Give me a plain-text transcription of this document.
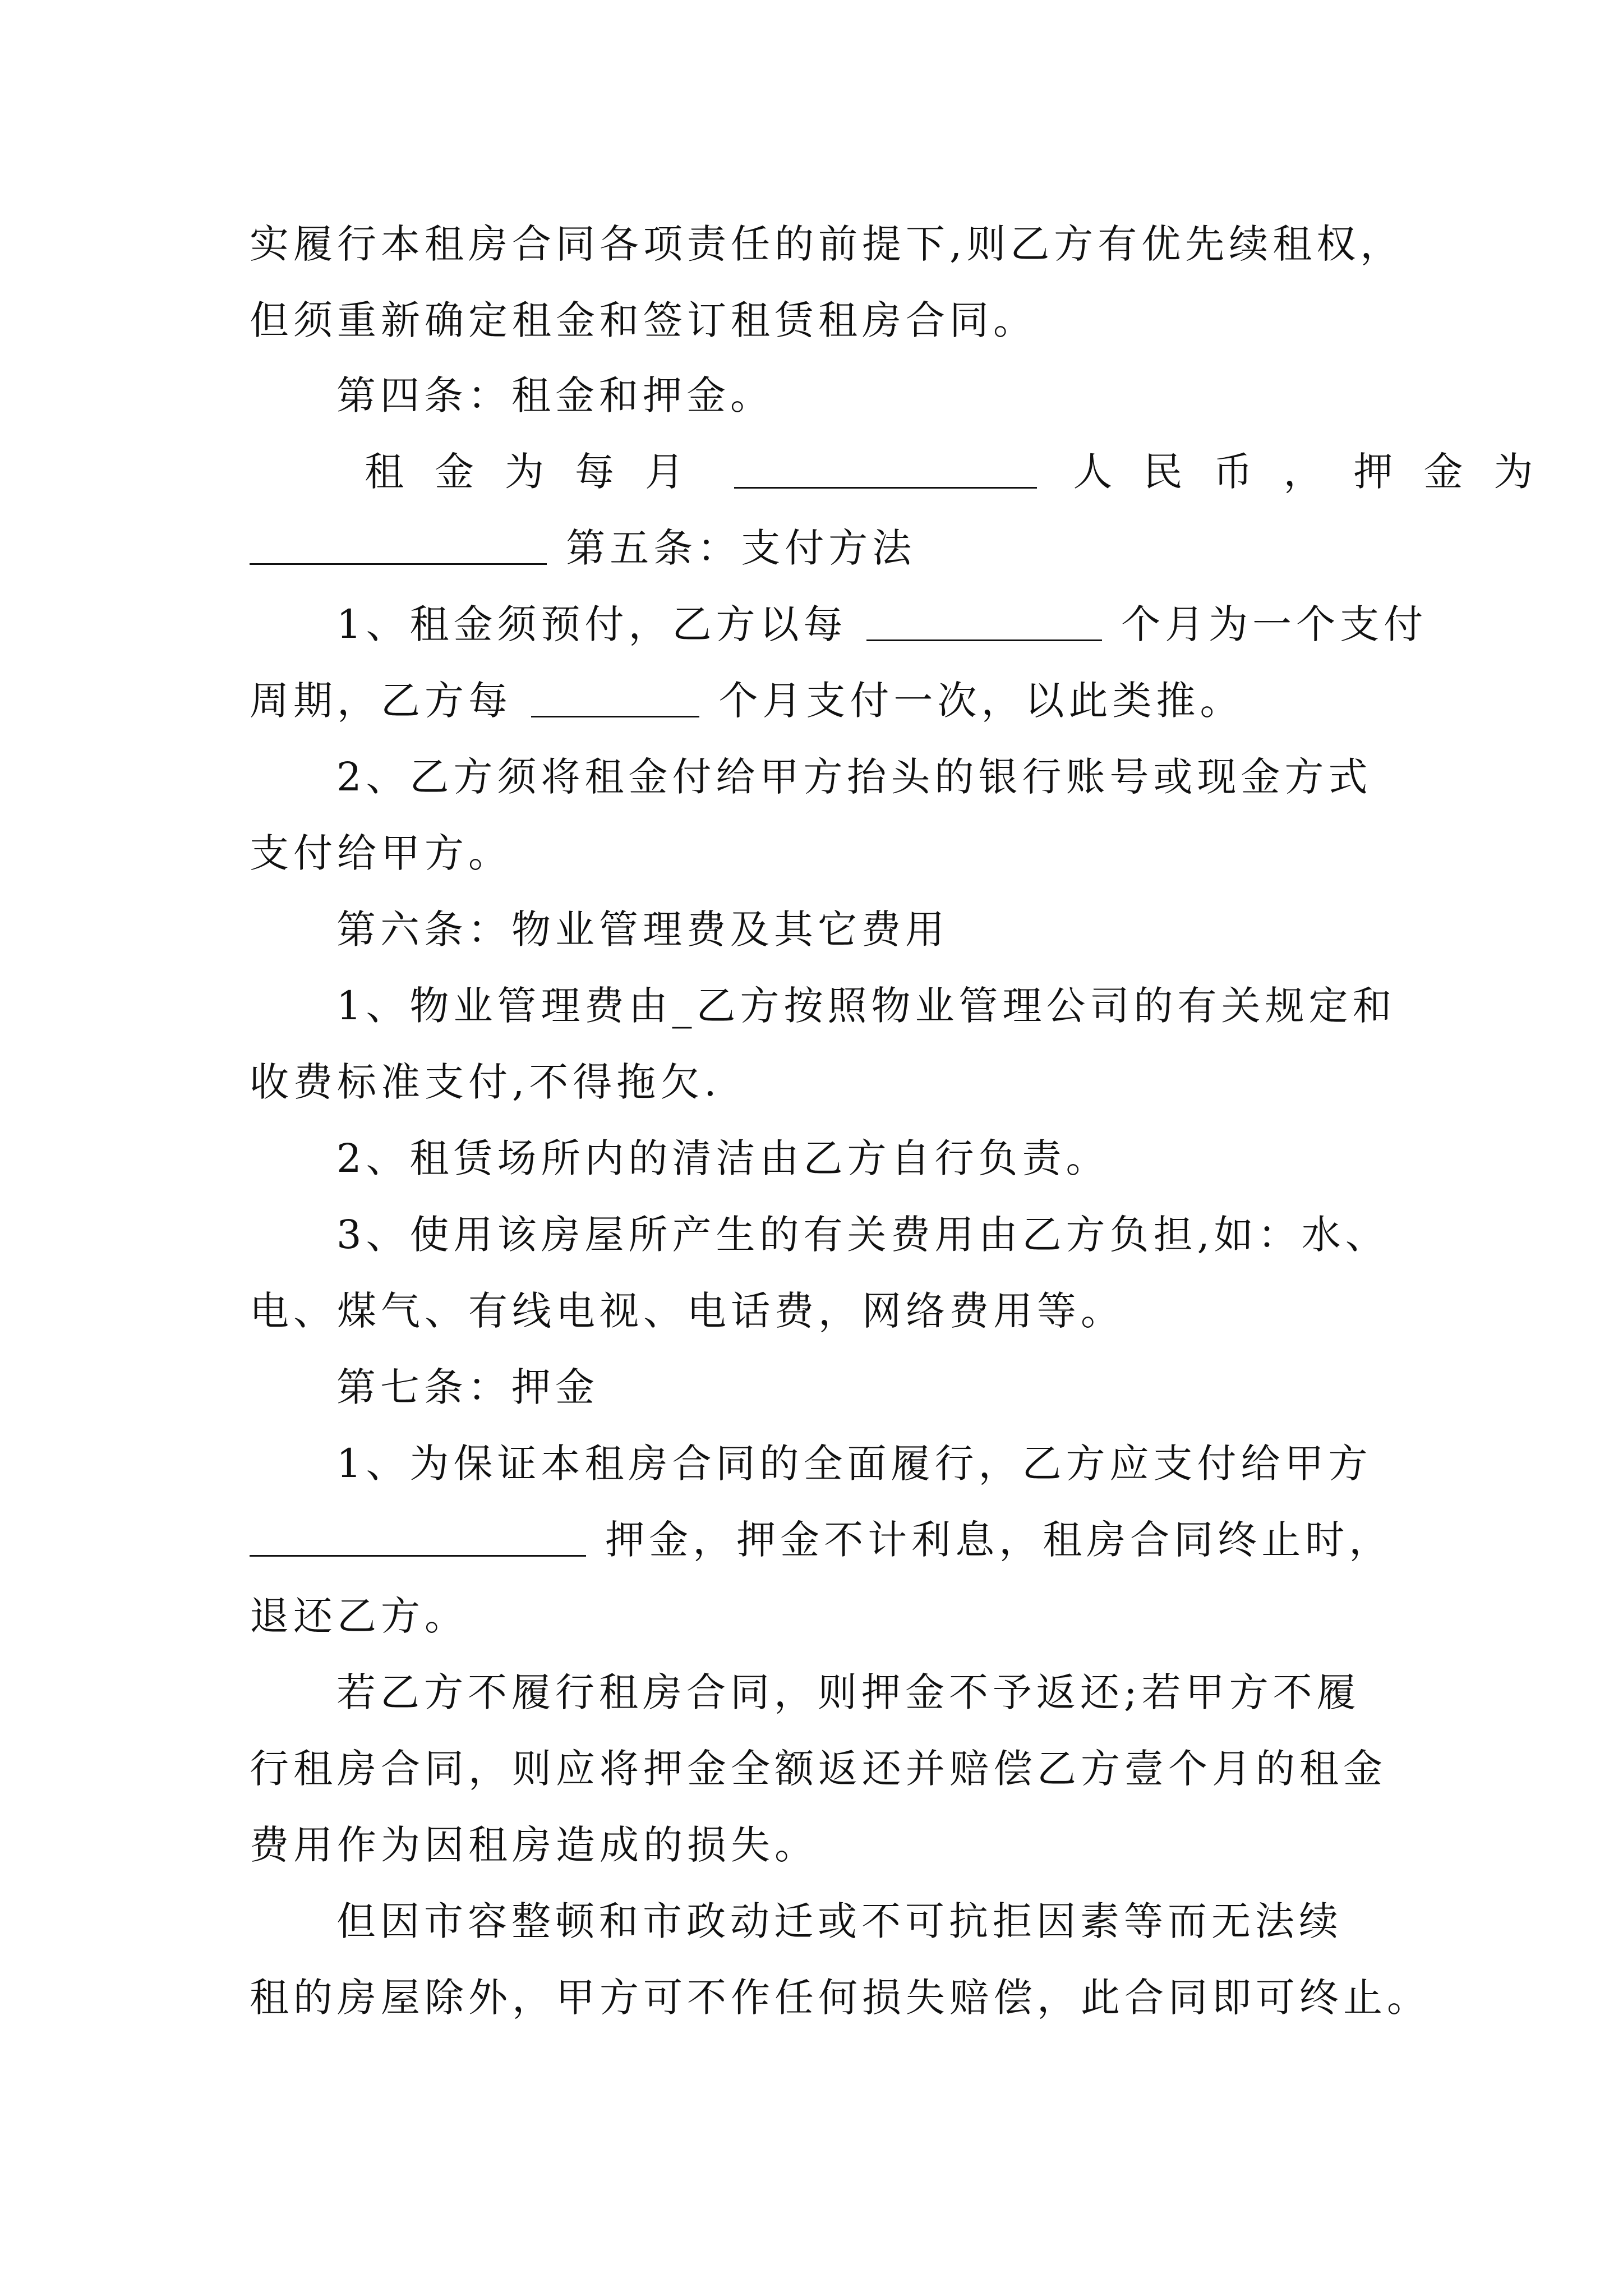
实履行本租房合同各项责任的前提下,则乙方有优先续租权，
但须重新确定租金和签订租赁租房合同。
第四条：租金和押金。
租金为每月	人民币，押金为
第五条：支付方法
1、租金须预付，乙方以每	个月为一个支付
周期，乙方每	个月支付一次，以此类推。
2、乙方须将租金付给甲方抬头的银行账号或现金方式
支付给甲方。
第六条：物业管理费及其它费用
1、物业管理费由_乙方按照物业管理公司的有关规定和
收费标准支付,不得拖欠.
2、租赁场所内的清洁由乙方自行负责。
3、使用该房屋所产生的有关费用由乙方负担,如：水、
电、煤气、有线电视、电话费，网络费用等。
第七条：押金
1、为保证本租房合同的全面履行，乙方应支付给甲方
押金，押金不计利息，租房合同终止时，
退还乙方。
若乙方不履行租房合同，则押金不予返还;若甲方不履
行租房合同，则应将押金全额返还并赔偿乙方壹个月的租金
费用作为因租房造成的损失。
但因市容整顿和市政动迁或不可抗拒因素等而无法续
租的房屋除外，甲方可不作任何损失赔偿，此合同即可终止。
